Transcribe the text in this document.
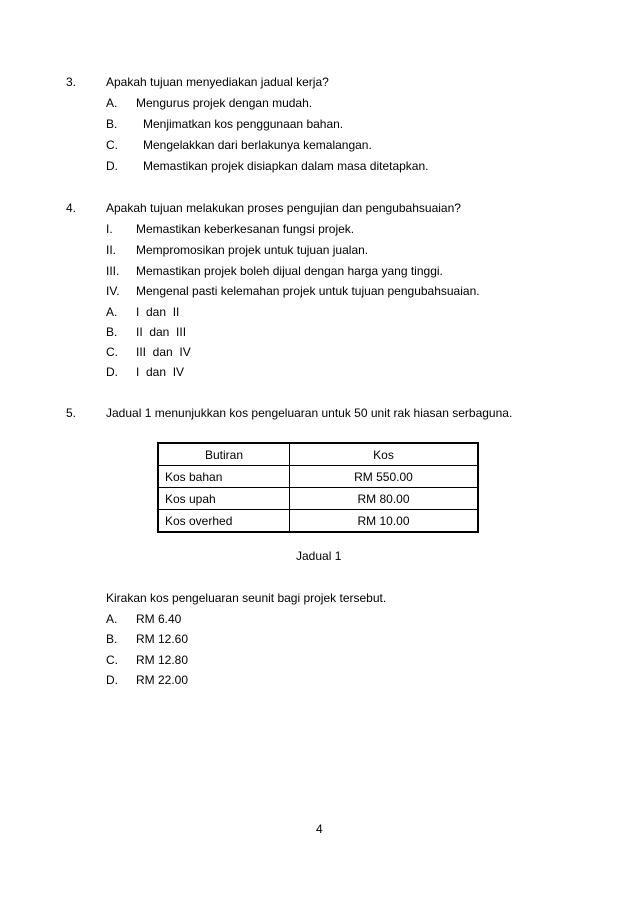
3. Apakah tujuan menyediakan jadual kerja?
A. Mengurus projek dengan mudah.
B. Menjimatkan kos penggunaan bahan.
C. Mengelakkan dari berlakunya kemalangan.
D. Memastikan projek disiapkan dalam masa ditetapkan.
4. Apakah tujuan melakukan proses pengujian dan pengubahsuaian?
I. Memastikan keberkesanan fungsi projek.
II. Mempromosikan projek untuk tujuan jualan.
III. Memastikan projek boleh dijual dengan harga yang tinggi.
IV. Mengenal pasti kelemahan projek untuk tujuan pengubahsuaian.
A. I  dan  II
B. II  dan  III
C. III  dan  IV
D. I  dan  IV
5. Jadual 1 menunjukkan kos pengeluaran untuk 50 unit rak hiasan serbaguna.
Butiran	Kos
Kos bahan	RM 550.00
Kos upah	RM 80.00
Kos overhed	RM 10.00
Jadual 1
Kirakan kos pengeluaran seunit bagi projek tersebut.
A. RM 6.40
B. RM 12.60
C. RM 12.80
D. RM 22.00
4
